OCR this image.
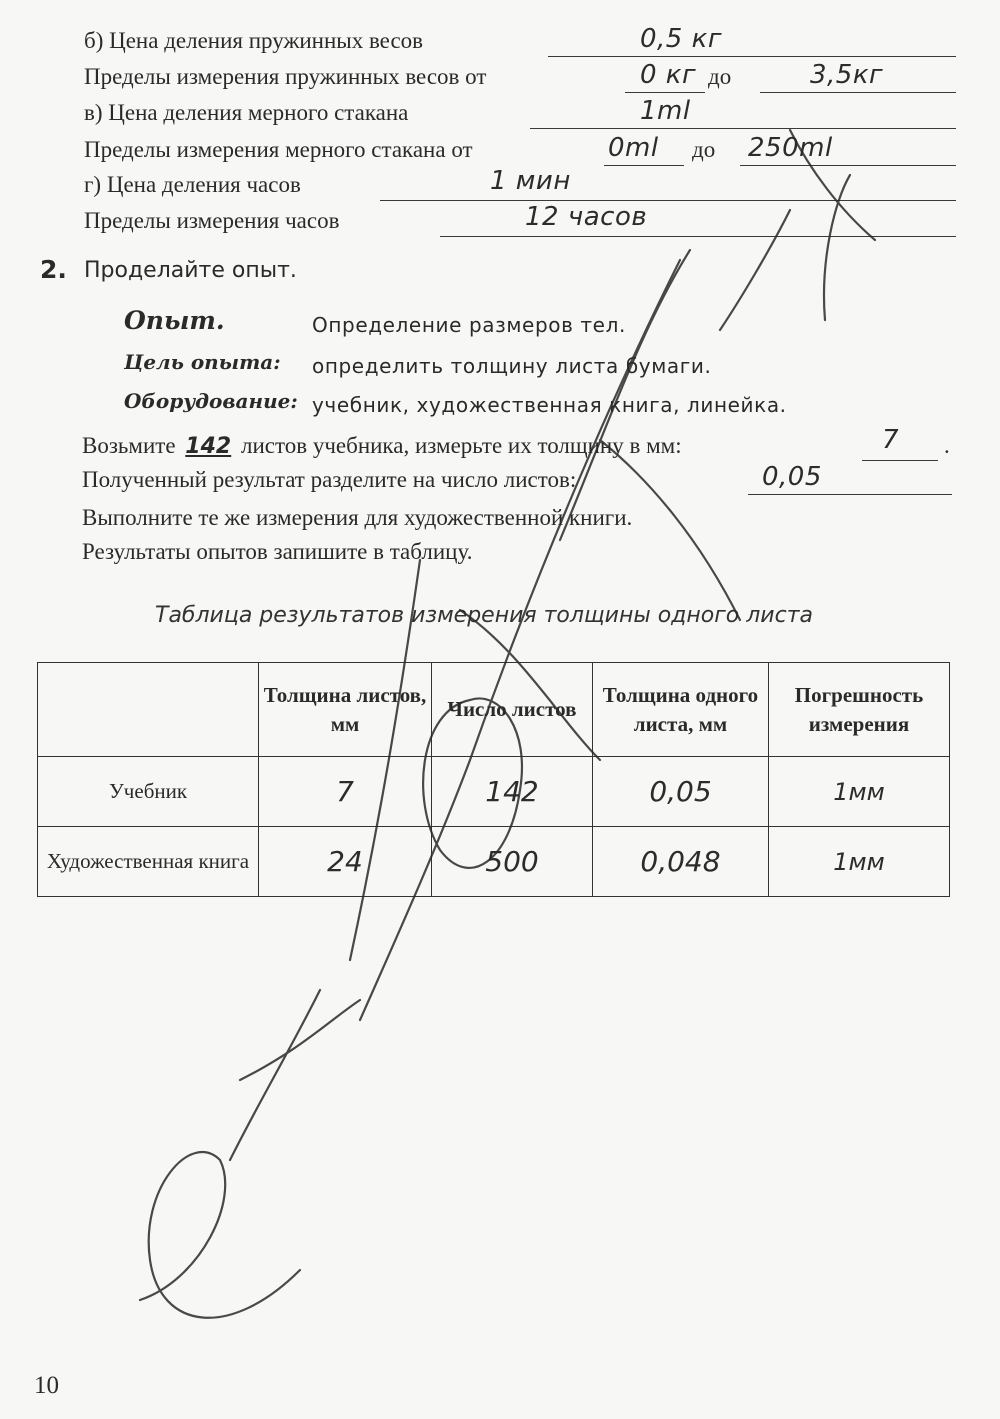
б) Цена деления пружинных весов	0,5 кг
Пределы измерения пружинных весов от	0 кг до	3,5кг
в) Цена деления мерного стакана	1ml
Пределы измерения мерного стакана от	0ml до 250ml
г) Цена деления часов	1 мин
Пределы измерения часов	12 часов
2. Проделайте опыт.
Опыт.	Определение размеров тел.
Цель опыта: определить толщину листа бумаги.
Оборудование: учебник, художественная книга, линейка.
Возьмите 142 листов учебника, измерьте их толщину в мм:	7 .
Полученный результат разделите на число листов:	0,05
Выполните те же измерения для художественной книги.
Результаты опытов запишите в таблицу.
Таблица результатов измерения толщины одного листа
	Толщина листов, мм	Число листов	Толщина одного листа, мм	Погрешность измерения
Учебник	7	142	0,05	1мм
Художественная книга	24	500	0,048	1мм
10
